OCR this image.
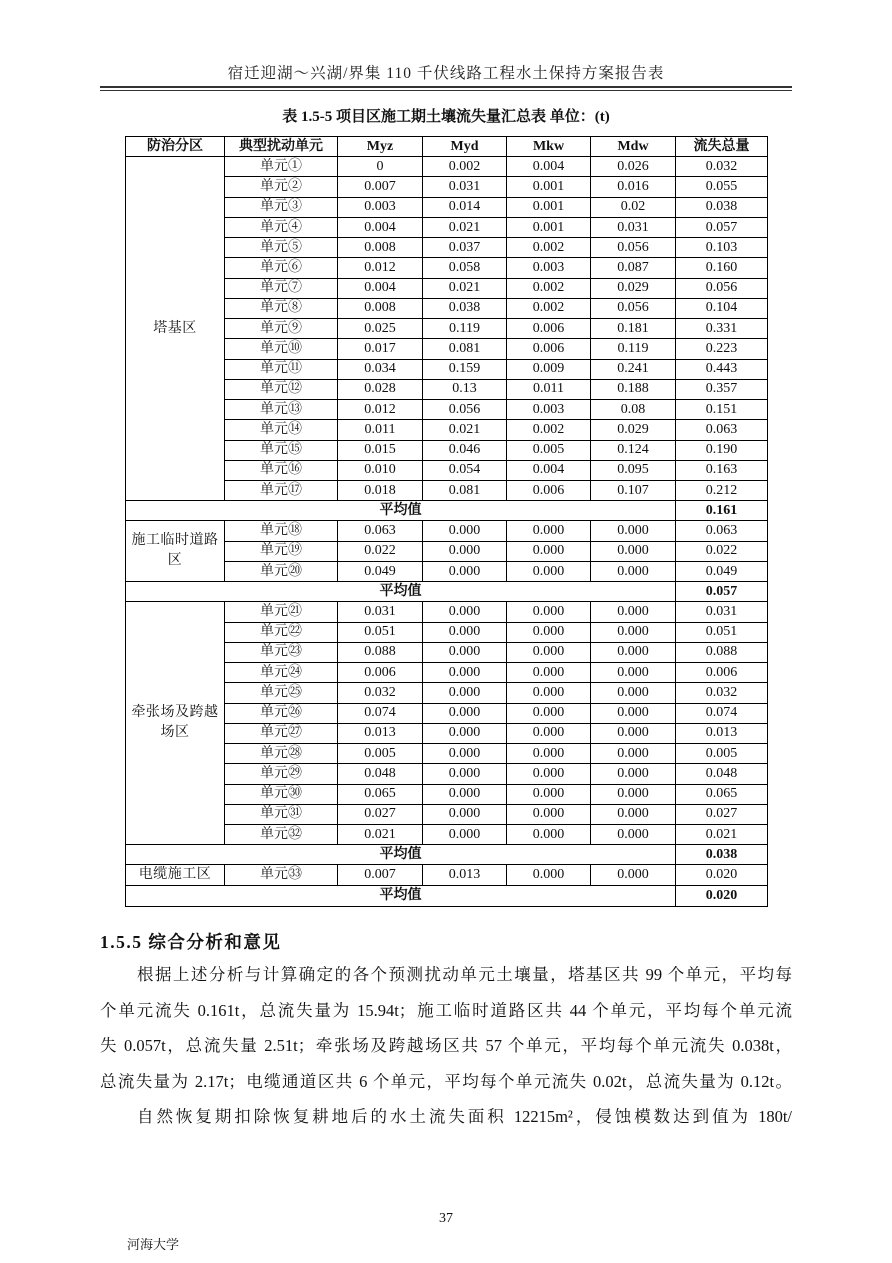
宿迁迎湖～兴湖/界集 110 千伏线路工程水土保持方案报告表
表 1.5-5 项目区施工期土壤流失量汇总表 单位：(t)
防治分区	典型扰动单元	Myz	Myd	Mkw	Mdw	流失总量
塔基区	单元①	0	0.002	0.004	0.026	0.032
	单元②	0.007	0.031	0.001	0.016	0.055
	单元③	0.003	0.014	0.001	0.02	0.038
	单元④	0.004	0.021	0.001	0.031	0.057
	单元⑤	0.008	0.037	0.002	0.056	0.103
	单元⑥	0.012	0.058	0.003	0.087	0.160
	单元⑦	0.004	0.021	0.002	0.029	0.056
	单元⑧	0.008	0.038	0.002	0.056	0.104
	单元⑨	0.025	0.119	0.006	0.181	0.331
	单元⑩	0.017	0.081	0.006	0.119	0.223
	单元⑪	0.034	0.159	0.009	0.241	0.443
	单元⑫	0.028	0.13	0.011	0.188	0.357
	单元⑬	0.012	0.056	0.003	0.08	0.151
	单元⑭	0.011	0.021	0.002	0.029	0.063
	单元⑮	0.015	0.046	0.005	0.124	0.190
	单元⑯	0.010	0.054	0.004	0.095	0.163
	单元⑰	0.018	0.081	0.006	0.107	0.212
平均值						0.161
施工临时道路区	单元⑱	0.063	0.000	0.000	0.000	0.063
	单元⑲	0.022	0.000	0.000	0.000	0.022
	单元⑳	0.049	0.000	0.000	0.000	0.049
平均值						0.057
牵张场及跨越场区	单元㉑	0.031	0.000	0.000	0.000	0.031
	单元㉒	0.051	0.000	0.000	0.000	0.051
	单元㉓	0.088	0.000	0.000	0.000	0.088
	单元㉔	0.006	0.000	0.000	0.000	0.006
	单元㉕	0.032	0.000	0.000	0.000	0.032
	单元㉖	0.074	0.000	0.000	0.000	0.074
	单元㉗	0.013	0.000	0.000	0.000	0.013
	单元㉘	0.005	0.000	0.000	0.000	0.005
	单元㉙	0.048	0.000	0.000	0.000	0.048
	单元㉚	0.065	0.000	0.000	0.000	0.065
	单元㉛	0.027	0.000	0.000	0.000	0.027
	单元㉜	0.021	0.000	0.000	0.000	0.021
平均值						0.038
电缆施工区	单元㉝	0.007	0.013	0.000	0.000	0.020
平均值						0.020
1.5.5 综合分析和意见
根据上述分析与计算确定的各个预测扰动单元土壤量，塔基区共 99 个单元，平均每
个单元流失 0.161t，总流失量为 15.94t；施工临时道路区共 44 个单元，平均每个单元流
失 0.057t，总流失量 2.51t；牵张场及跨越场区共 57 个单元，平均每个单元流失 0.038t，
总流失量为 2.17t；电缆通道区共 6 个单元，平均每个单元流失 0.02t，总流失量为 0.12t。
自然恢复期扣除恢复耕地后的水土流失面积 12215m²，侵蚀模数达到值为 180t/
37
河海大学
